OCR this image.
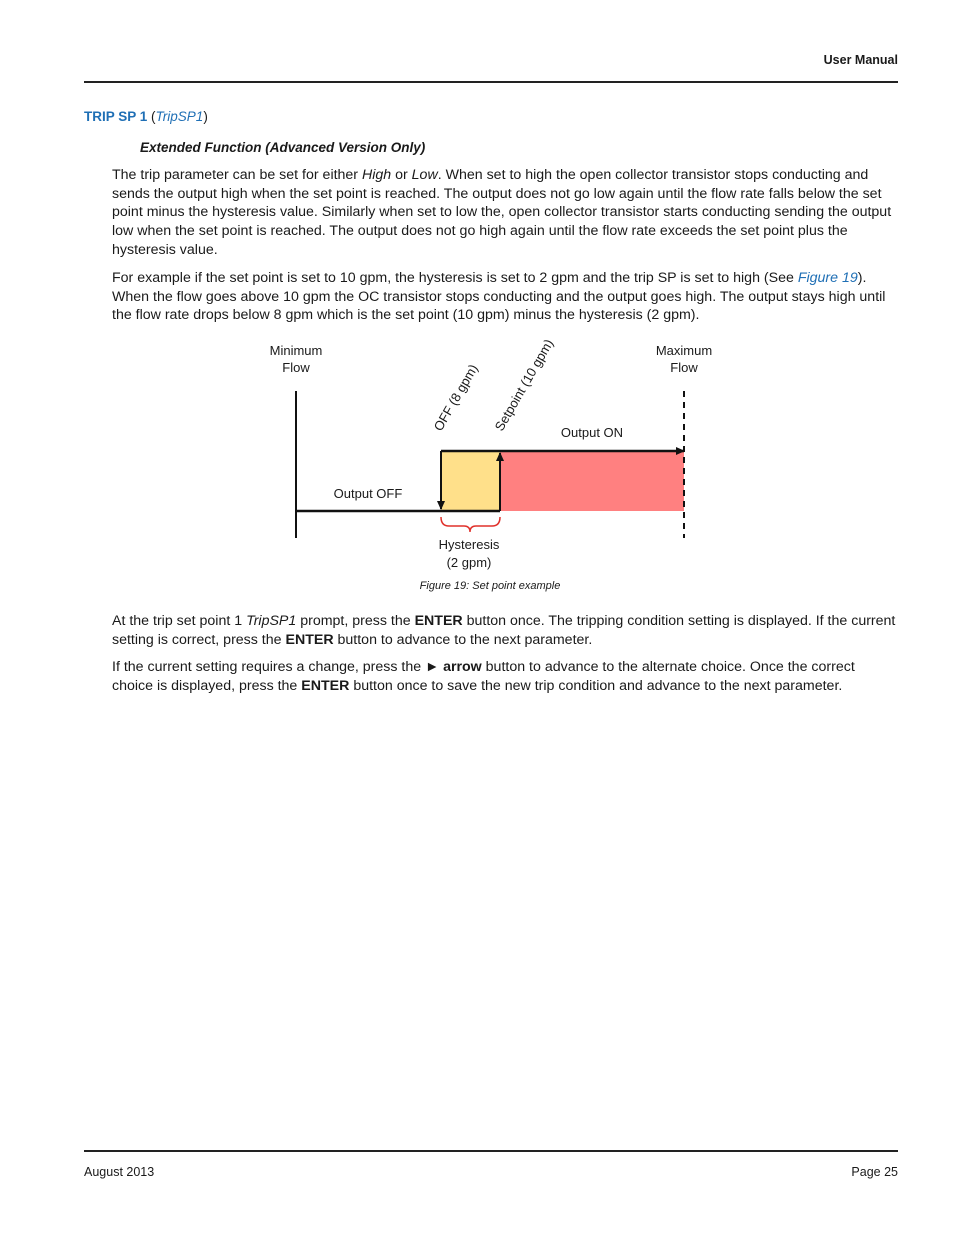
User Manual
TRIP SP 1 (TripSP1)
Extended Function (Advanced Version Only)
The trip parameter can be set for either High or Low. When set to high the open collector transistor stops conducting and sends the output high when the set point is reached. The output does not go low again until the flow rate falls below the set point minus the hysteresis value. Similarly when set to low the, open collector transistor starts conducting sending the output low when the set point is reached. The output does not go high again until the flow rate exceeds the set point plus the hysteresis value.
For example if the set point is set to 10 gpm, the hysteresis is set to 2 gpm and the trip SP is set to high (See Figure 19). When the flow goes above 10 gpm the OC transistor stops conducting and the output goes high. The output stays high until the flow rate drops below 8 gpm which is the set point (10 gpm) minus the hysteresis (2 gpm).
Minimum
Flow
Maximum
Flow
OFF (8 gpm) Setpoint (10 gpm) Output ON
Output OFF
Hysteresis
(2 gpm)
Figure 19: Set point example
At the trip set point 1 TripSP1 prompt, press the ENTER button once. The tripping condition setting is displayed. If the current setting is correct, press the ENTER button to advance to the next parameter.
If the current setting requires a change, press the ► arrow button to advance to the alternate choice. Once the correct choice is displayed, press the ENTER button once to save the new trip condition and advance to the next parameter.
August 2013	Page 25
